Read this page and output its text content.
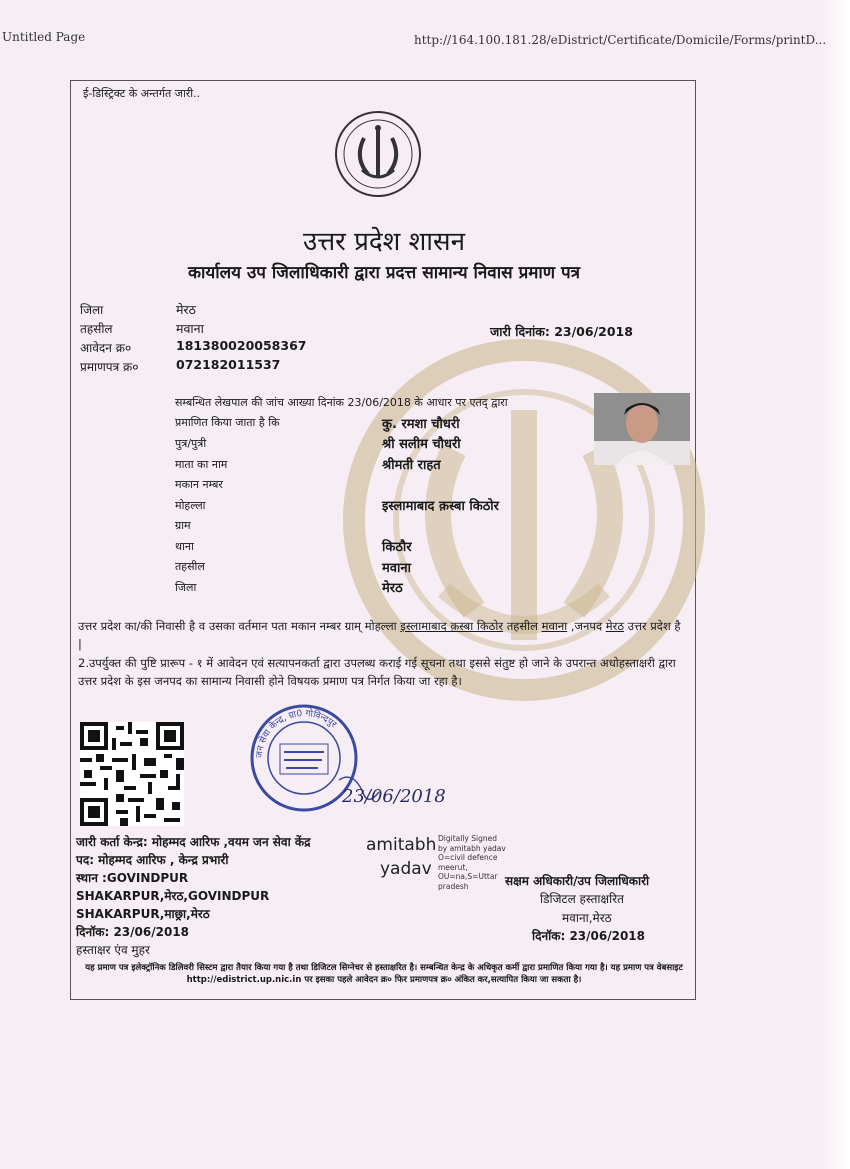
Untitled Page	http://164.100.181.28/eDistrict/Certificate/Domicile/Forms/printD...
ई-डिस्ट्रिक्ट के अन्तर्गत जारी..
उत्तर प्रदेश शासन
कार्यालय उप जिलाधिकारी द्वारा प्रदत्त सामान्य निवास प्रमाण पत्र
जिला	मेरठ
तहसील	मवाना
आवेदन क्र०	181380020058367
प्रमाणपत्र क्र०	072182011537
जारी दिनांक: 23/06/2018
सम्बन्धित लेखपाल की जांच आख्या दिनांक 23/06/2018 के आधार पर एतद् द्वारा
प्रमाणित किया जाता है कि	कु. रमशा चौधरी
पुत्र/पुत्री	श्री सलीम चौधरी
माता का नाम	श्रीमती राहत
मकान नम्बर
मोहल्ला	इस्लामाबाद क़स्बा किठोर
ग्राम
थाना	किठौर
तहसील	मवाना
जिला	मेरठ
उत्तर प्रदेश का/की निवासी है व उसका वर्तमान पता मकान नम्बर ग्राम् मोहल्ला इस्लामाबाद क़स्बा किठोर तहसील मवाना ,जनपद मेरठ उत्तर प्रदेश है |
2.उपर्युक्त की पुष्टि प्रारूप - १ में आवेदन एवं सत्यापनकर्ता द्वारा उपलब्ध कराई गई सूचना तथा इससे संतुष्ट हो जाने के उपरान्त अधोहस्ताक्षरी द्वारा उत्तर प्रदेश के इस जनपद का सामान्य निवासी होने विषयक प्रमाण पत्र निर्गत किया जा रहा है।
जन सेवा केन्द्र, ग्रा0 गोविन्दपुर
23/06/2018
जारी कर्ता केन्द्र: मोहम्मद आरिफ ,वयम जन सेवा केंद्र
पद: मोहम्मद आरिफ , केन्द्र प्रभारी
स्थान :GOVINDPUR
SHAKARPUR,मेरठ,GOVINDPUR
SHAKARPUR,माछ्रा,मेरठ
दिनॉक: 23/06/2018
हस्ताक्षर एंव मुहर
amitabh
yadav
Digitally Signed by amitabh yadav O=civil defence meerut, OU=na,S=Uttar pradesh	सक्षम अधिकारी/उप जिलाधिकारी
डिजिटल हस्ताक्षरित
मवाना,मेरठ
दिनॉक: 23/06/2018
यह प्रमाण पत्र इलेक्ट्रॉनिक डिलिवरी सिस्टम द्वारा तैयार किया गया है तथा डिजिटल सिग्नेचर से हस्ताक्षरित है। सम्बन्धित केन्द्र के अधिकृत कर्मी द्वारा प्रमाणित किया गया है। यह प्रमाण पत्र वेबसाइट http://edistrict.up.nic.in पर इसका पहले आवेदन क्र० फिर प्रमाणपत्र क्र० अंकित कर,सत्यापित किया जा सकता है।
